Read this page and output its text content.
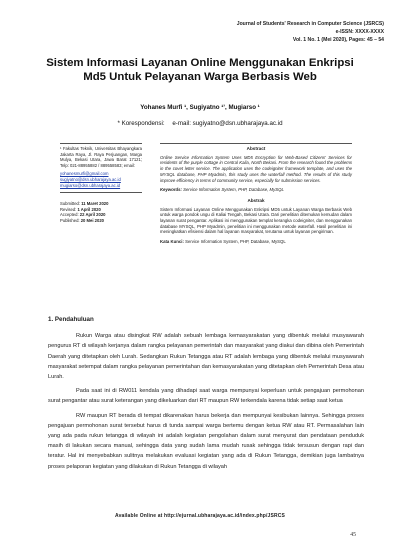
Journal of Students' Research in Computer Science (JSRCS)
e-ISSN: XXXX-XXXX
Vol. 1 No. 1 (Mei 2020), Pages: 45 – 54
Sistem Informasi Layanan Online Menggunakan Enkripsi Md5 Untuk Pelayanan Warga Berbasis Web
Yohanes Murfi ¹, Sugiyatno ¹ʼ, Mugiarso ¹
* Korespondensi: e-mail: sugiyatno@dsn.ubharajaya.ac.id
¹ Fakultas Teknik, Universitas Bhayangkara Jakarta Raya, Jl. Raya Perjuangan, Marga Mulya, Bekasi Utara, Jawa Barat 17121; Telp: 021-88955882 / 889558583; email:
yohanesmurfi@gmail.com
sugiyatno@dsn.ubharajaya.ac.id
mugiarso@dsn.ubharajaya.ac.id
Submitted: 11 Maret 2020
Revised: 1 April 2020
Accepted: 22 April 2020
Published: 20 Mei 2020
Abstract

Online Service Information System Uses MD5 Encryption for Web-Based Citizens' Services for residents of the purple cottage in Central Kalia, North Bekasi. From the research found the problems in the covet letter service. The application uses the codeigniter framework template, and uses the MYSQL database, PHP Myadmin, this study uses the waterfall method. The results of this study improve efficiency in terms of community service, especially for submission services.

Keywords: Service Information System, PHP, Database, MySQL
Abstrak

Sistem Informasi Layanan Online Menggunakan Enkripsi MD5 untuk Layanan Warga Berbasis Web untuk warga pondok ungu di Kaliai Tengah, Bekasi Utara. Dari penelitian ditemukan kemudan dalam layanan surat pengantar. Aplikasi ini menggunakan templat kerangka codeigniter, dan menggunakan database MYSQL, PHP Myadmin, penelitian ini menggunakan metode waterfall. Hasil penelitian ini meningkatkan efisiensi dalam hal layanan masyarakat, terutama untuk layanan pengiriman.

Kata Kunci: Service Information System, PHP, Database, MySQL
1. Pendahuluan

Rukun Warga atau disingkat RW adalah sebuah lembaga kemasyarakatan yang dibentuk melalui musyawarah pengurus RT di wilayah kerjanya dalam rangka pelayanan pemerintah dan masyarakat yang diakui dan dibina oleh Pemerintah Daerah yang ditetapkan oleh Lurah. Sedangkan Rukun Tetangga atau RT adalah lembaga yang dibentuk melalui musyawarah masyarakat setempat dalam rangka pelayanan pemerintahan dan kemasyarakatan yang ditetapkan oleh Pemerintah Desa atau Lurah.

Pada saat ini di RW011 kendala yang dihadapi saat warga mempunyai keperluan untuk pengajuan permohonan surat pengantar atau surat keterangan yang dikeluarkan dari RT maupun RW terkendala karena tidak setiap saat ketua

RW maupun RT berada di tempat dikarenakan harus bekerja dan mempunyai kesibukan lainnya. Sehingga proses pengajuan permohonan surat tersebut harus di tunda sampai warga bertemu dengan ketua RW atau RT. Permasalahan lain yang ada pada rukun tetangga di wilayah ini adalah kegiatan pengolahan dalam surat menyurat dan pendataan penduduk masih di lakukan secara manual, sehingga data yang sudah lama mudah rusak sehingga tidak tersusun dengan rapi dan teratur. Hal ini menyebabkan sulitnya melakukan evaluasi kegiatan yang ada di Rukun Tetangga, demikian juga lambatnya proses pelaporan kegiatan yang dilakukan di Rukun Tetangga di wilayah

Available Online at http://ejurnal.ubharajaya.ac.id/index.php/JSRCS
45
